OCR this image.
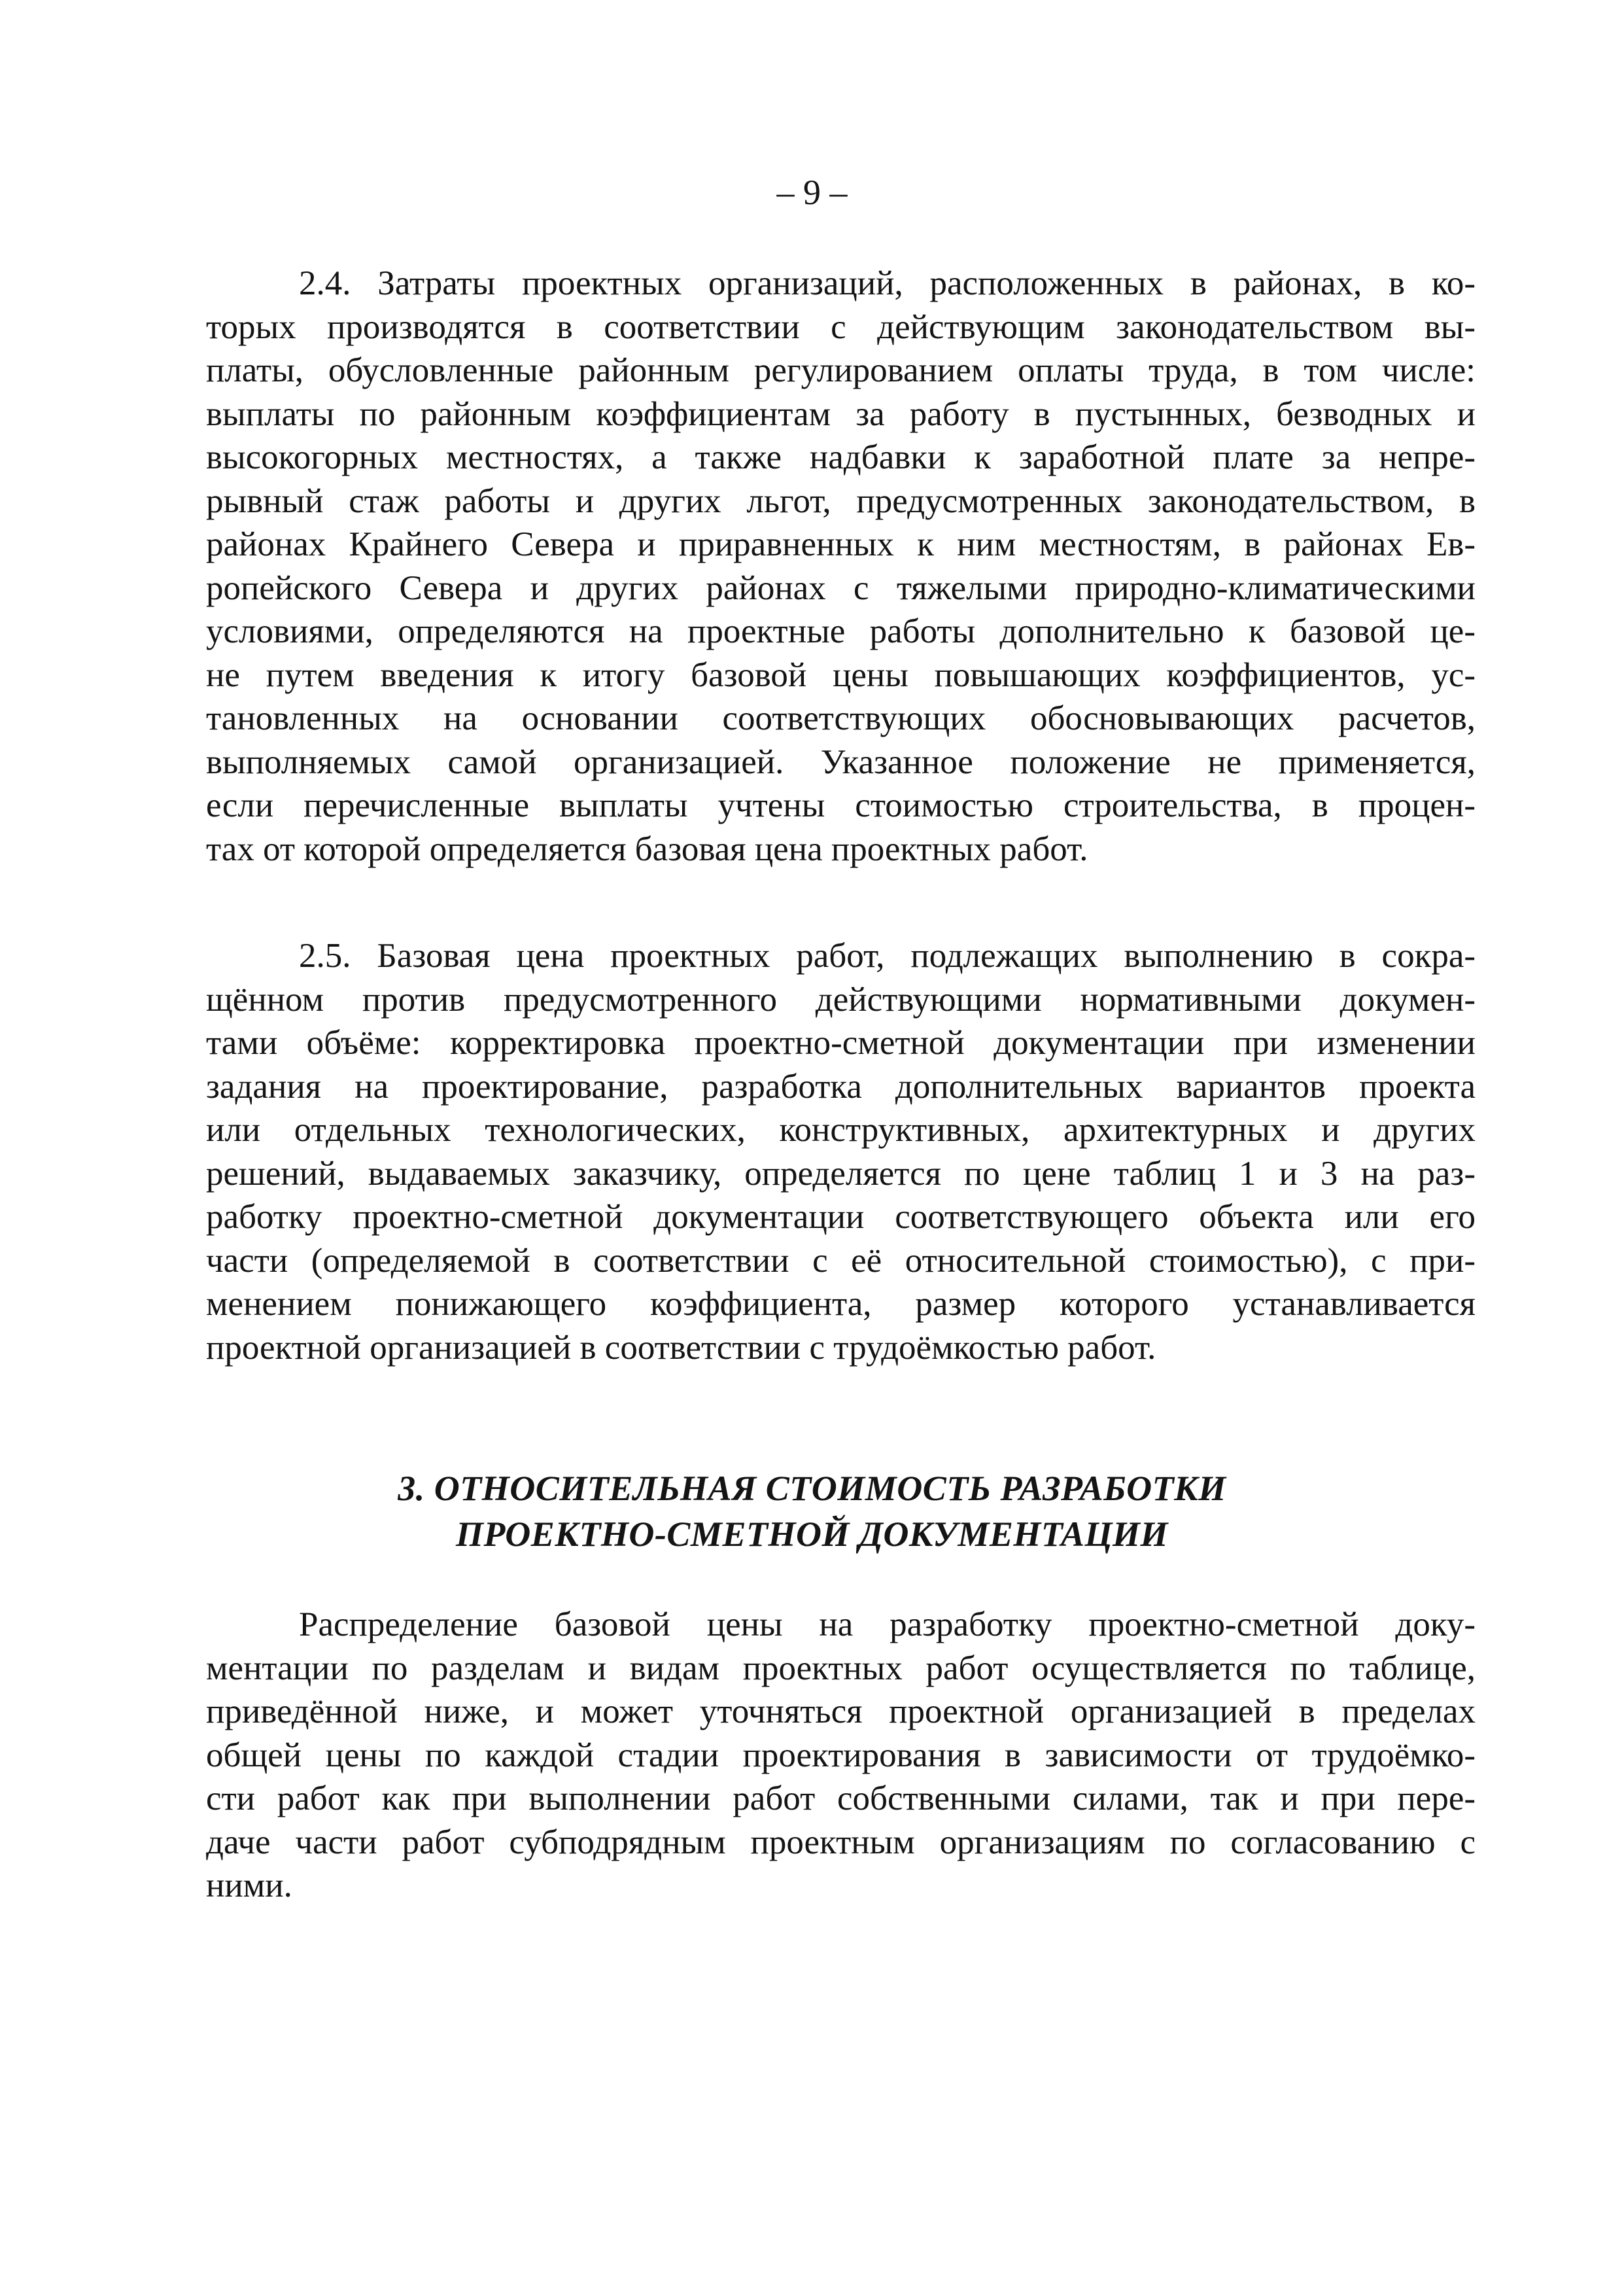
– 9 –
2.4. Затраты проектных организаций, расположенных в районах, в ко-
торых производятся в соответствии с действующим законодательством вы-
платы, обусловленные районным регулированием оплаты труда, в том числе:
выплаты по районным коэффициентам за работу в пустынных, безводных и
высокогорных местностях, а также надбавки к заработной плате за непре-
рывный стаж работы и других льгот, предусмотренных законодательством, в
районах Крайнего Севера и приравненных к ним местностям, в районах Ев-
ропейского Севера и других районах с тяжелыми природно-климатическими
условиями, определяются на проектные работы дополнительно к базовой це-
не путем введения к итогу базовой цены повышающих коэффициентов, ус-
тановленных на основании соответствующих обосновывающих расчетов,
выполняемых самой организацией. Указанное положение не применяется,
если перечисленные выплаты учтены стоимостью строительства, в процен-
тах от которой определяется базовая цена проектных работ.
2.5. Базовая цена проектных работ, подлежащих выполнению в сокра-
щённом против предусмотренного действующими нормативными докумен-
тами объёме: корректировка проектно-сметной документации при изменении
задания на проектирование, разработка дополнительных вариантов проекта
или отдельных технологических, конструктивных, архитектурных и других
решений, выдаваемых заказчику, определяется по цене таблиц 1 и 3 на раз-
работку проектно-сметной документации соответствующего объекта или его
части (определяемой в соответствии с её относительной стоимостью), с при-
менением понижающего коэффициента, размер которого устанавливается
проектной организацией в соответствии с трудоёмкостью работ.
3. ОТНОСИТЕЛЬНАЯ СТОИМОСТЬ РАЗРАБОТКИ
ПРОЕКТНО-СМЕТНОЙ ДОКУМЕНТАЦИИ
Распределение базовой цены на разработку проектно-сметной доку-
ментации по разделам и видам проектных работ осуществляется по таблице,
приведённой ниже, и может уточняться проектной организацией в пределах
общей цены по каждой стадии проектирования в зависимости от трудоёмко-
сти работ как при выполнении работ собственными силами, так и при пере-
даче части работ субподрядным проектным организациям по согласованию с
ними.
